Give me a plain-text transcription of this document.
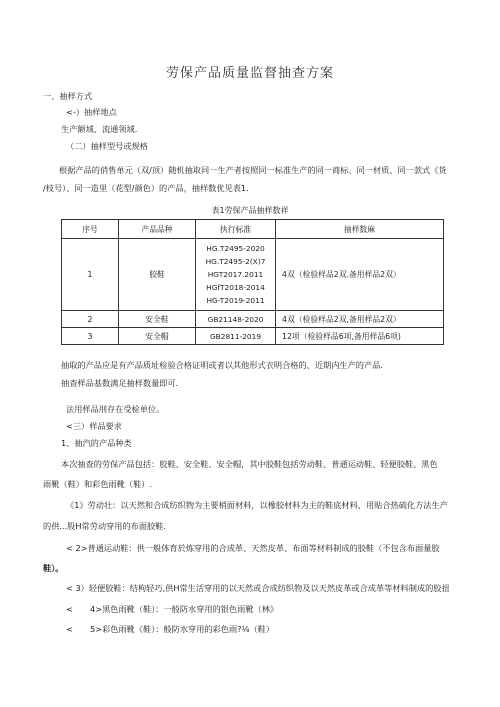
劳保产品质量监督抽查方案
一、抽样方式
<-）抽样地点
生产额域、流通领域.
（二）抽样型号或规格
根据产品的俏售单元（双/顶）随机抽取同一生产者按照同一标准生产的同一商标、同一材质、同一款式《货
/枝号）、同一造里（花型/颜色）的产品，抽样数优见表1.
表1劳保产品抽样数祥
序号	产品品种	执行标准	抽样数麻
1	胶鞋	HG.T2495-2020
HG.T2495-2(X)7
HGT2017.2011
HGfT2018-2014
HG-T2019-2011	4双（检验样品2双.备用样品2双）
2	安全鞋	GB21148-2020	4双（检验样品2双,备用样品2双）
3	安全帽	GB2811-2019	12项（检验样品6项,备用样品6项)
抽取的产品应是有产品质址检验合格证明或者以其他形式衣明合格的、近期内生产的产品.
抽查样品基数满足抽样数量即可.
法用样品刖存在受检单位。
<三）样品要求
1、抽汽的产品种类
本次抽查的劳保产品包括：胶鞋、安全鞋、安全帽，其中胶鞋包括劳动鞋、普通运动鞋、轻便胶鞋、黑色
雨靴（鞋）和彩色雨靴（鞋）.
《1》劳动壮：以天然和合成纺织物为主要梢面材料，以橡胶材料为主的鞋底材料，用贴合热硫化方法生产
的供...股H常劳动穿用的布面胶鞋.
< 2>普通运动鞋：供一般体育於炼穿用的合成革、天然皮革、布面等材料制成的胶鞋（不包含布面量胶
鞋）。
< 3）轻便胶鞋：结枸轻巧,供H常生活穿用的以天然或合成纺织物及以天然皮革或合成革等材料制成的胶扭
< 4>黒色雨靴（鞋）：一般防水穿用的银色雨靴（林》
< 5>彩色雨靴《鞋）：般防水穿用的彩色雨?⅛（鞋）
